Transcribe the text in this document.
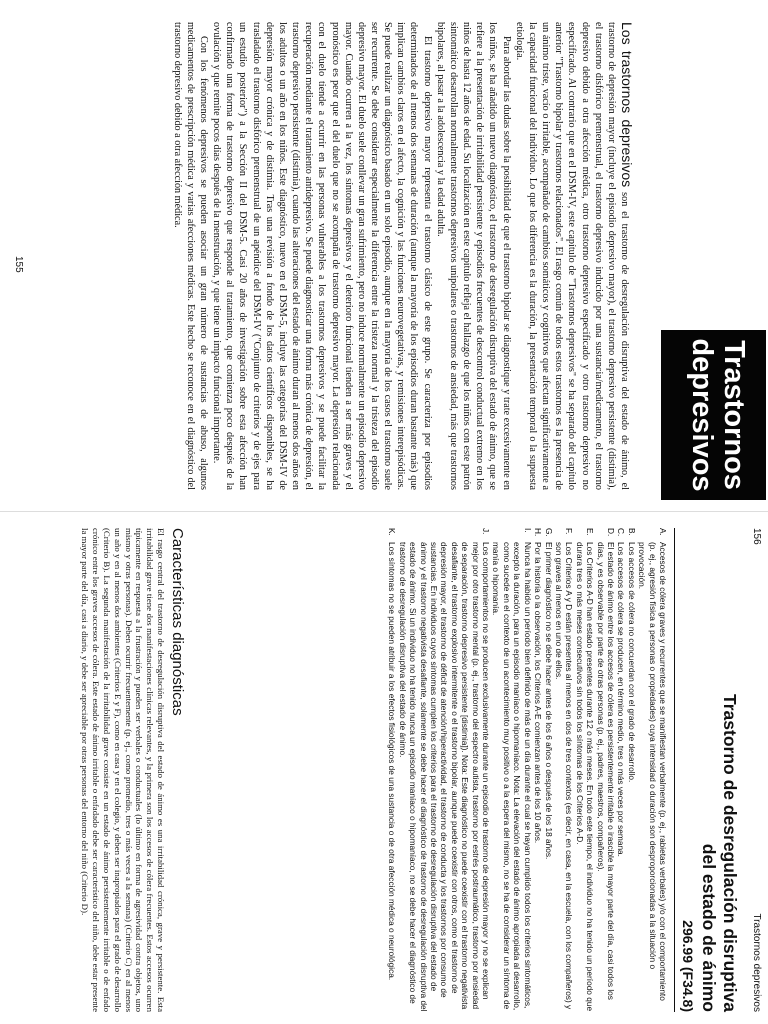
Trastornos
depresivos

Los trastornos depresivos son el trastorno de desregulación disruptiva del estado de ánimo, el trastorno de depresión mayor (incluye el episodio depresivo mayor), el trastorno depresivo persistente (distimia), el trastorno disfórico premenstrual, el trastorno depresivo inducido por una sustancia/medicamento, el trastorno depresivo debido a otra afección médica, otro trastorno depresivo especificado y otro trastorno depresivo no especificado. Al contrario que en el DSM-IV, este capítulo de "Trastornos depresivos" se ha separado del capítulo anterior "Trastorno bipolar y trastornos relacionados". El rasgo común de todos estos trastornos es la presencia de un ánimo triste, vacío o irritable, acompañado de cambios somáticos y cognitivos que afectan significativamente a la capacidad funcional del individuo. Lo que los diferencia es la duración, la presentación temporal o la supuesta etiología.

Para abordar las dudas sobre la posibilidad de que el trastorno bipolar se diagnostique y trate excesivamente en los niños, se ha añadido un nuevo diagnóstico, el trastorno de desregulación disruptiva del estado de ánimo, que se refiere a la presentación de irritabilidad persistente y episodios frecuentes de descontrol conductual extremo en los niños de hasta 12 años de edad. Su localización en este capítulo refleja el hallazgo de que los niños con este patrón sintomático desarrollan normalmente trastornos depresivos unipolares o trastornos de ansiedad, más que trastornos bipolares, al pasar a la adolescencia y la edad adulta.

El trastorno depresivo mayor representa el trastorno clásico de este grupo. Se caracteriza por episodios determinados de al menos dos semanas de duración (aunque la mayoría de los episodios duran bastante más) que implican cambios claros en el afecto, la cognición y las funciones neurovegetativas, y remisiones interepisódicas. Se puede realizar un diagnóstico basado en un solo episodio, aunque en la mayoría de los casos el trastorno suele ser recurrente. Se debe considerar especialmente la diferencia entre la tristeza normal y la tristeza del episodio depresivo mayor. El duelo suele conllevar un gran sufrimiento, pero no induce normalmente un episodio depresivo mayor. Cuando ocurren a la vez, los síntomas depresivos y el deterioro funcional tienden a ser más graves y el pronóstico es peor que el del duelo que no se acompaña de trastorno depresivo mayor. La depresión relacionada con el duelo tiende a ocurrir en las personas vulnerables a los trastornos depresivos y se puede facilitar la recuperación mediante el tratamiento antidepresivo. Se puede diagnosticar una forma más crónica de depresión, el trastorno depresivo persistente (distimia), cuando las alteraciones del estado de ánimo duran al menos dos años en los adultos o un año en los niños. Este diagnóstico, nuevo en el DSM-5, incluye las categorías del DSM-IV de depresión mayor crónica y de distimia. Tras una revisión a fondo de los datos científicos disponibles, se ha trasladado el trastorno disfórico premenstrual de un apéndice del DSM-IV ("Conjunto de criterios y de ejes para un estudio posterior") a la Sección II del DSM-5. Casi 20 años de investigación sobre esta afección han confirmado una forma de trastorno depresivo que responde al tratamiento, que comienza poco después de la ovulación y que remite pocos días después de la menstruación, y que tiene un impacto funcional importante.

Con los fenómenos depresivos se pueden asociar un gran número de sustancias de abuso, algunos medicamentos de prescripción médica y varias afecciones médicas. Este hecho se reconoce en el diagnóstico del trastorno depresivo debido a otra afección médica.

155
156
Trastornos depresivos
Trastorno de desregulación disruptiva
del estado de ánimo
296.99 (F34.8)
A.
Accesos de cólera graves y recurrentes que se manifiestan verbalmente (p. ej., rabietas verbales) y/o con el comportamiento (p. ej., agresión física a personas o propiedades) cuya intensidad o duración son desproporcionadas a la situación o provocación.
B.
Los accesos de cólera no concuerdan con el grado de desarrollo.
C.
Los accesos de cólera se producen, en término medio, tres o más veces por semana.
D.
El estado de ánimo entre los accesos de cólera es persistentemente irritable o irascible la mayor parte del día, casi todos los días, y es observable por parte de otras personas (p. ej., padres, maestros, compañeros).
E.
Los Criterios A-D han estado presentes durante 12 o más meses. En todo este tiempo, el individuo no ha tenido un período que durara tres o más meses consecutivos sin todos los síntomas de los Criterios A-D.
F.
Los Criterios A y D están presentes al menos en dos de tres contextos (es decir, en casa, en la escuela, con los compañeros) y son graves al menos en uno de ellos.
G.
El primer diagnóstico no se debe hacer antes de los 6 años o después de los 18 años.
H.
Por la historia o la observación, los Criterios A-E comienzan antes de los 10 años.
I.
Nunca ha habido un período bien definido de más de un día durante el cual se hayan cumplido todos los criterios sintomáticos, excepto la duración, para un episodio maníaco o hipomaníaco. Nota: La elevación del estado de ánimo apropiada al desarrollo, como sucede en el contexto de un acontecimiento muy positivo o a la espera del mismo, no se ha de considerar un síntoma de manía o hipomanía.
J.
Los comportamientos no se producen exclusivamente durante un episodio de trastorno de depresión mayor y no se explican mejor por otro trastorno mental (p. ej., trastorno del espectro autista, trastorno por estrés postraumático, trastorno por ansiedad de separación, trastorno depresivo persistente [distimia]). Nota: Este diagnóstico no puede coexistir con el trastorno negativista desafiante, el trastorno explosivo intermitente o el trastorno bipolar, aunque puede coexistir con otros, como el trastorno de depresión mayor, el trastorno de déficit de atención/hiperactividad, el trastorno de conducta y los trastornos por consumo de sustancias. En individuos cuyos síntomas cumplen los criterios para el trastorno de desregulación disruptiva del estado de ánimo y el trastorno negativista desafiante, solamente se debe hacer el diagnóstico de trastorno de desregulación disruptiva del estado de ánimo. Si un individuo no ha tenido nunca un episodio maníaco o hipomaníaco, no se debe hacer el diagnóstico de trastorno de desregulación disruptiva del estado de ánimo.
K.
Los síntomas no se pueden atribuir a los efectos fisiológicos de una sustancia o de otra afección médica o neurológica.
Características diagnósticas
El rasgo central del trastorno de desregulación disruptiva del estado de ánimo es una irritabilidad crónica, grave y persistente. Esta irritabilidad grave tiene dos manifestaciones clínicas relevantes, y la primera son los accesos de cólera frecuentes. Estos accesos ocurren típicamente en respuesta a la frustración y pueden ser verbales o conductuales (lo último en forma de agresividad contra objetos, uno mismo y otras personas). Deben ocurrir frecuentemente (p. ej., como promedio, tres o más veces a la semana) (Criterio C) en al menos un año y en al menos dos ambientes (Criterios E y F), como en casa y en el colegio, y deben ser inapropiados para el grado de desarrollo (Criterio B). La segunda manifestación de la irritabilidad grave consiste en un estado de ánimo persistentemente irritable o de enfado crónico entre los graves accesos de cólera. Este estado de ánimo irritable o enfadado debe ser característico del niño, debe estar presente la mayor parte del día, casi a diario, y debe ser apreciable por otras personas del entorno del niño (Criterio D).
